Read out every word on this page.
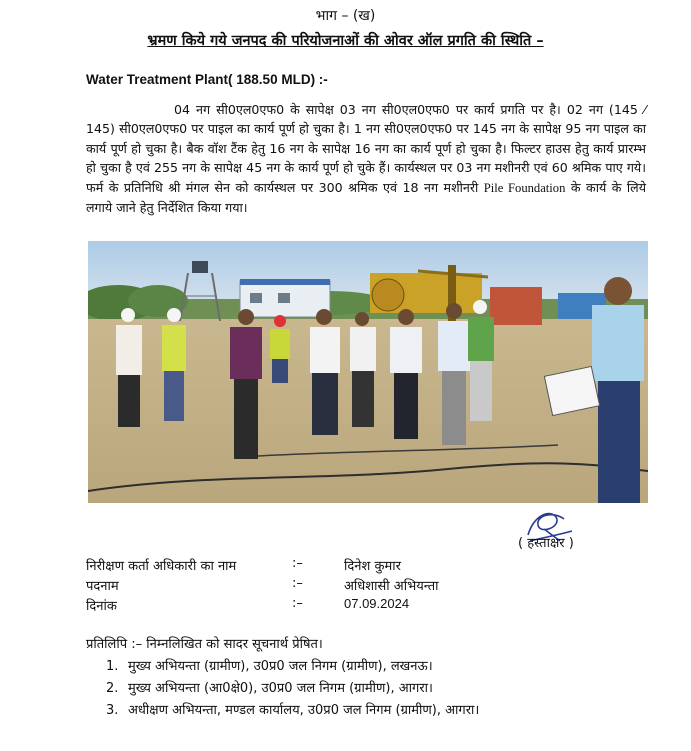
भाग – (ख)
भ्रमण किये गये जनपद की परियोजनाओं की ओवर ऑल प्रगति की स्थिति –
Water Treatment Plant( 188.50 MLD) :-
04 नग सी0एल0एफ0 के सापेक्ष 03 नग सी0एल0एफ0 पर कार्य प्रगति पर है। 02 नग (145 ⁄ 145) सी0एल0एफ0 पर पाइल का कार्य पूर्ण हो चुका है। 1 नग सी0एल0एफ0 पर 145 नग के सापेक्ष 95 नग पाइल का कार्य पूर्ण हो चुका है। बैक वॉश टैंक हेतु 16 नग के सापेक्ष 16 नग का कार्य पूर्ण हो चुका है। फिल्टर हाउस हेतु कार्य प्रारम्भ हो चुका है एवं 255 नग के सापेक्ष 45 नग के कार्य पूर्ण हो चुके हैं। कार्यस्थल पर 03 नग मशीनरी एवं 60 श्रमिक पाए गये। फर्म के प्रतिनिधि श्री मंगल सेन को कार्यस्थल पर 300 श्रमिक एवं 18 नग मशीनरी Pile Foundation के कार्य के लिये लगाये जाने हेतु निर्देशित किया गया।
( हस्ताक्षर )
निरीक्षण कर्ता अधिकारी का नाम	:–	दिनेश कुमार
पदनाम	:–	अधिशासी अभियन्ता
दिनांक	:–	07.09.2024
प्रतिलिपि :– निम्नलिखित को सादर सूचनार्थ प्रेषित।
1. मुख्य अभियन्ता (ग्रामीण), उ0प्र0 जल निगम (ग्रामीण), लखनऊ।
2. मुख्य अभियन्ता (आ0क्षे0), उ0प्र0 जल निगम (ग्रामीण), आगरा।
3. अधीक्षण अभियन्ता, मण्डल कार्यालय, उ0प्र0 जल निगम (ग्रामीण), आगरा।
